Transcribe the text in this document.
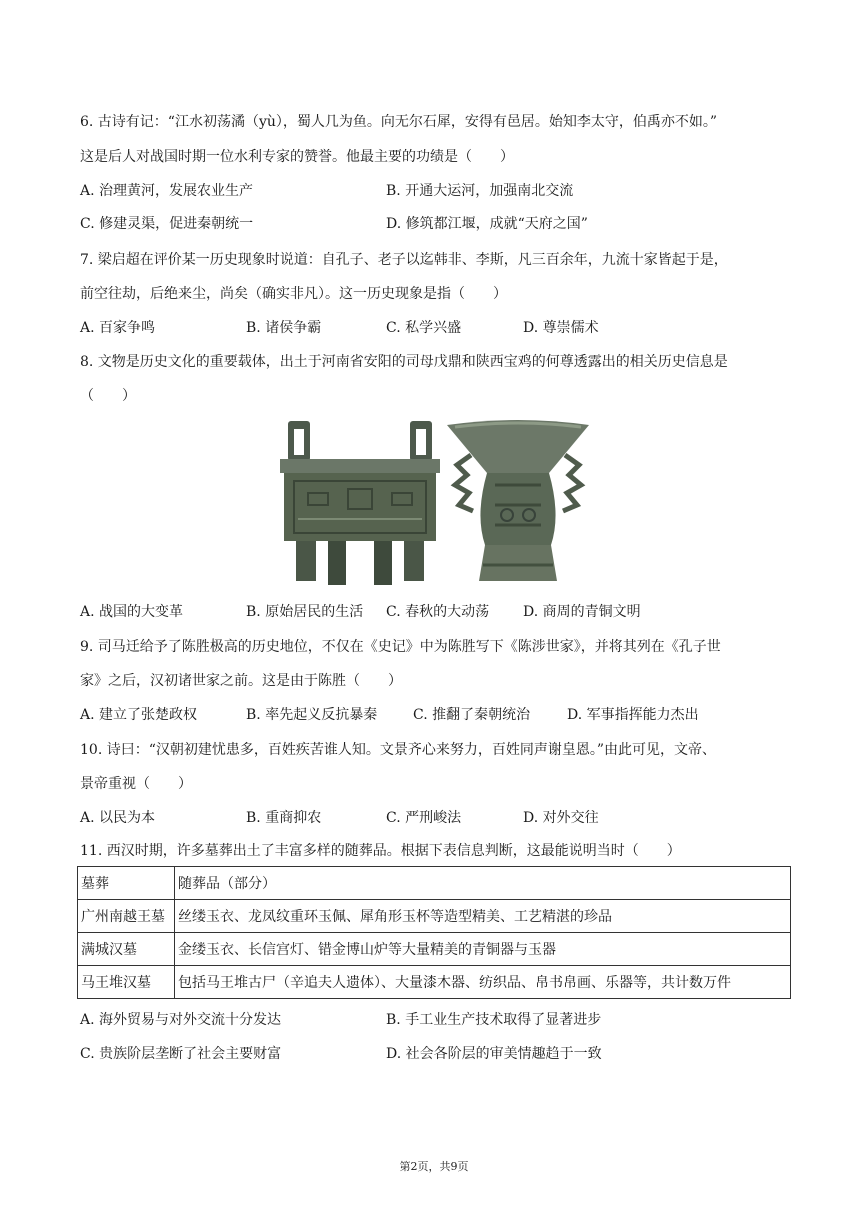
6. 古诗有记：“江水初荡潏（yù），蜀人几为鱼。向无尔石犀，安得有邑居。始知李太守，伯禹亦不如。”
这是后人对战国时期一位水利专家的赞誉。他最主要的功绩是（　　）
A. 治理黄河，发展农业生产	B. 开通大运河，加强南北交流
C. 修建灵渠，促进秦朝统一	D. 修筑都江堰，成就“天府之国”
7. 梁启超在评价某一历史现象时说道：自孔子、老子以迄韩非、李斯，凡三百余年，九流十家皆起于是，
前空往劫，后绝来尘，尚矣（确实非凡）。这一历史现象是指（　　）
A. 百家争鸣	B. 诸侯争霸	C. 私学兴盛	D. 尊崇儒术
8. 文物是历史文化的重要载体，出土于河南省安阳的司母戊鼎和陕西宝鸡的何尊透露出的相关历史信息是
（　　）
A. 战国的大变革	B. 原始居民的生活 C. 春秋的大动荡 D. 商周的青铜文明
9. 司马迁给予了陈胜极高的历史地位，不仅在《史记》中为陈胜写下《陈涉世家》，并将其列在《孔子世
家》之后，汉初诸世家之前。这是由于陈胜（　　）
A. 建立了张楚政权	B. 率先起义反抗暴秦	C. 推翻了秦朝统治	D. 军事指挥能力杰出
10. 诗曰：“汉朝初建忧患多，百姓疾苦谁人知。文景齐心来努力，百姓同声谢皇恩。”由此可见，文帝、
景帝重视（　　）
A. 以民为本	B. 重商抑农	C. 严刑峻法	D. 对外交往
11. 西汉时期，许多墓葬出土了丰富多样的随葬品。根据下表信息判断，这最能说明当时（　　）
墓葬	随葬品（部分）
广州南越王墓	丝缕玉衣、龙凤纹重环玉佩、犀角形玉杯等造型精美、工艺精湛的珍品
满城汉墓	金缕玉衣、长信宫灯、错金博山炉等大量精美的青铜器与玉器
马王堆汉墓	包括马王堆古尸（辛追夫人遗体）、大量漆木器、纺织品、帛书帛画、乐器等，共计数万件
A. 海外贸易与对外交流十分发达	B. 手工业生产技术取得了显著进步
C. 贵族阶层垄断了社会主要财富	D. 社会各阶层的审美情趣趋于一致
第2页，共9页
